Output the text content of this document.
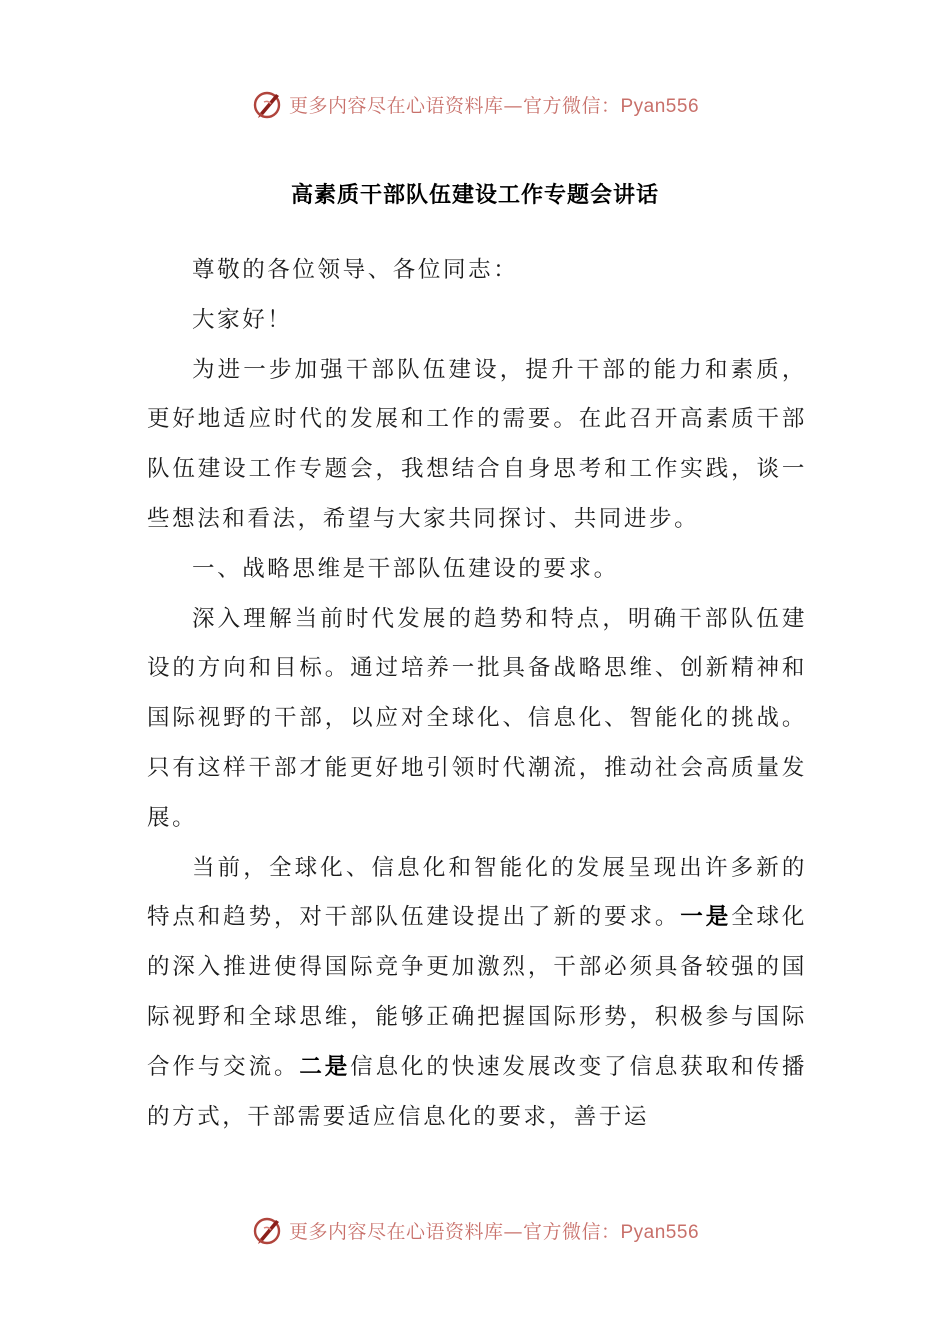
更多内容尽在心语资料库—官方微信：Pyan556
高素质干部队伍建设工作专题会讲话

尊敬的各位领导、各位同志：

大家好！

为进一步加强干部队伍建设，提升干部的能力和素质，更好地适应时代的发展和工作的需要。在此召开高素质干部队伍建设工作专题会，我想结合自身思考和工作实践，谈一些想法和看法，希望与大家共同探讨、共同进步。

一、战略思维是干部队伍建设的要求。

深入理解当前时代发展的趋势和特点，明确干部队伍建设的方向和目标。通过培养一批具备战略思维、创新精神和国际视野的干部，以应对全球化、信息化、智能化的挑战。只有这样干部才能更好地引领时代潮流，推动社会高质量发展。

当前，全球化、信息化和智能化的发展呈现出许多新的特点和趋势，对干部队伍建设提出了新的要求。一是全球化的深入推进使得国际竞争更加激烈，干部必须具备较强的国际视野和全球思维，能够正确把握国际形势，积极参与国际合作与交流。二是信息化的快速发展改变了信息获取和传播的方式，干部需要适应信息化的要求，善于运

更多内容尽在心语资料库—官方微信：Pyan556
